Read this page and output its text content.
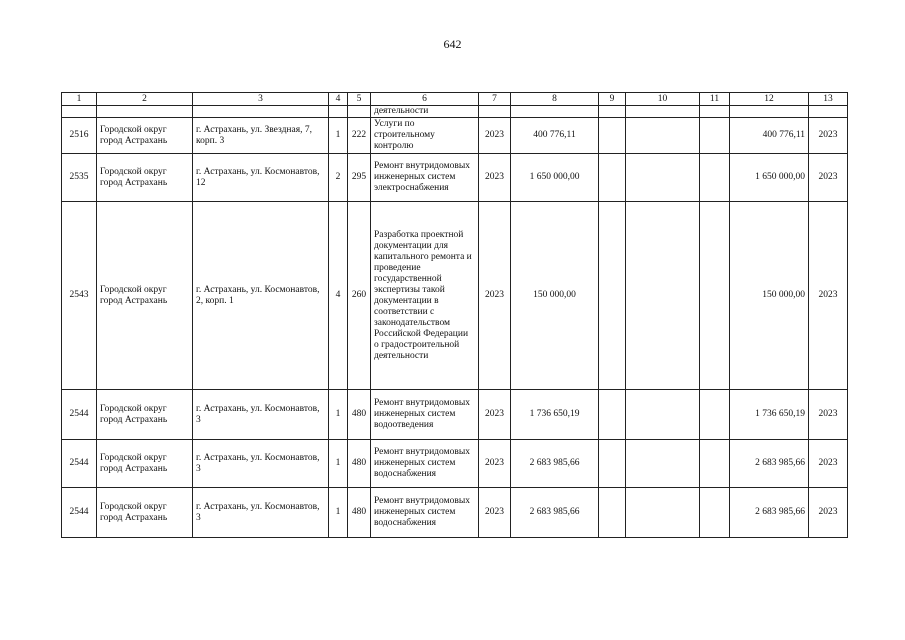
642
1	2	3	4	5	6	7	8	9	10	11	12	13
					деятельности							
2516	Городской округ город Астрахань	г. Астрахань, ул. Звездная, 7, корп. 3	1	222	Услуги по строительному контролю	2023	400 776,11				400 776,11	2023
2535	Городской округ город Астрахань	г. Астрахань, ул. Космонавтов, 12	2	295	Ремонт внутридомовых инженерных систем электроснабжения	2023	1 650 000,00				1 650 000,00	2023
2543	Городской округ город Астрахань	г. Астрахань, ул. Космонавтов, 2, корп. 1	4	260	Разработка проектной документации для капитального ремонта и проведение государственной экспертизы такой документации в соответствии с законодательством Российской Федерации о градостроительной деятельности	2023	150 000,00				150 000,00	2023
2544	Городской округ город Астрахань	г. Астрахань, ул. Космонавтов, 3	1	480	Ремонт внутридомовых инженерных систем водоотведения	2023	1 736 650,19				1 736 650,19	2023
2544	Городской округ город Астрахань	г. Астрахань, ул. Космонавтов, 3	1	480	Ремонт внутридомовых инженерных систем водоснабжения	2023	2 683 985,66				2 683 985,66	2023
2544	Городской округ город Астрахань	г. Астрахань, ул. Космонавтов, 3	1	480	Ремонт внутридомовых инженерных систем водоснабжения	2023	2 683 985,66				2 683 985,66	2023
